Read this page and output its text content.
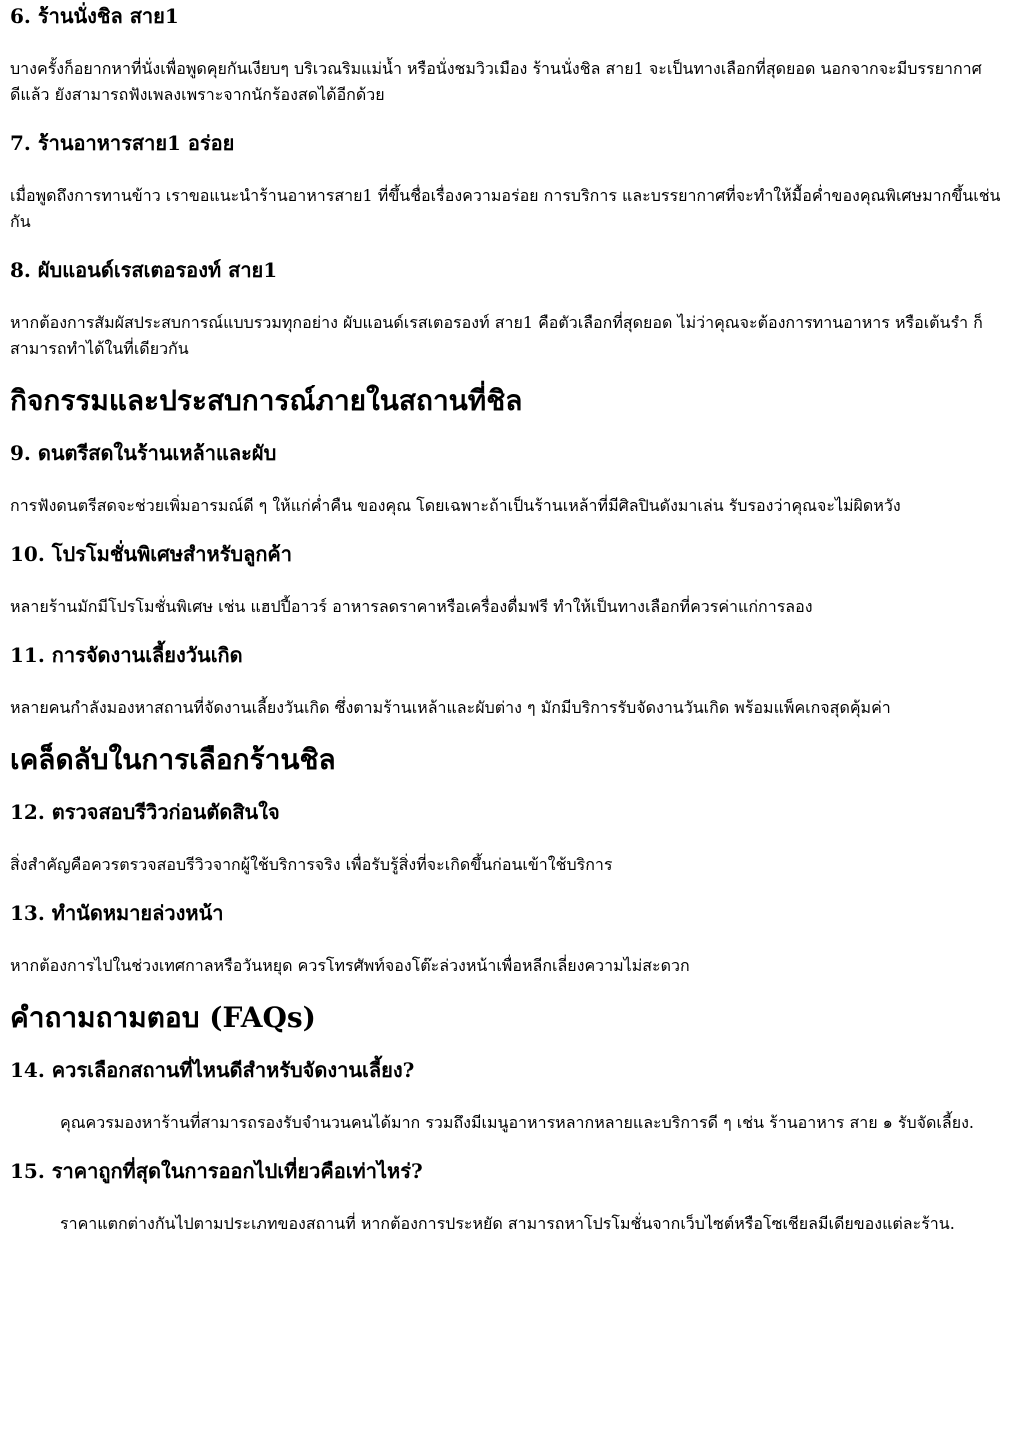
6. ร้านนั่งชิล สาย1

บางครั้งก็อยากหาที่นั่งเพื่อพูดคุยกันเงียบๆ บริเวณริมแม่น้ำ หรือนั่งชมวิวเมือง ร้านนั่งชิล สาย1 จะเป็นทางเลือกที่สุดยอด นอกจากจะมีบรรยากาศดีแล้ว ยังสามารถฟังเพลงเพราะจากนักร้องสดได้อีกด้วย

7. ร้านอาหารสาย1 อร่อย

เมื่อพูดถึงการทานข้าว เราขอแนะนำร้านอาหารสาย1 ที่ขึ้นชื่อเรื่องความอร่อย การบริการ และบรรยากาศที่จะทำให้มื้อค่ำของคุณพิเศษมากขึ้นเช่นกัน

8. ผับแอนด์เรสเตอรองท์ สาย1

หากต้องการสัมผัสประสบการณ์แบบรวมทุกอย่าง ผับแอนด์เรสเตอรองท์ สาย1 คือตัวเลือกที่สุดยอด ไม่ว่าคุณจะต้องการทานอาหาร หรือเต้นรำ ก็สามารถทำได้ในที่เดียวกัน

กิจกรรมและประสบการณ์ภายในสถานที่ชิล
9. ดนตรีสดในร้านเหล้าและผับ

การฟังดนตรีสดจะช่วยเพิ่มอารมณ์ดี ๆ ให้แก่ค่ำคืน ของคุณ โดยเฉพาะถ้าเป็นร้านเหล้าที่มีศิลปินดังมาเล่น รับรองว่าคุณจะไม่ผิดหวัง

10. โปรโมชั่นพิเศษสำหรับลูกค้า

หลายร้านมักมีโปรโมชั่นพิเศษ เช่น แฮปปี้อาวร์ อาหารลดราคาหรือเครื่องดื่มฟรี ทำให้เป็นทางเลือกที่ควรค่าแก่การลอง

11. การจัดงานเลี้ยงวันเกิด

หลายคนกำลังมองหาสถานที่จัดงานเลี้ยงวันเกิด ซึ่งตามร้านเหล้าและผับต่าง ๆ มักมีบริการรับจัดงานวันเกิด พร้อมแพ็คเกจสุดคุ้มค่า

เคล็ดลับในการเลือกร้านชิล
12. ตรวจสอบรีวิวก่อนตัดสินใจ

สิ่งสำคัญคือควรตรวจสอบรีวิวจากผู้ใช้บริการจริง เพื่อรับรู้สิ่งที่จะเกิดขึ้นก่อนเข้าใช้บริการ

13. ทำนัดหมายล่วงหน้า

หากต้องการไปในช่วงเทศกาลหรือวันหยุด ควรโทรศัพท์จองโต๊ะล่วงหน้าเพื่อหลีกเลี่ยงความไม่สะดวก

คำถามถามตอบ (FAQs)
14. ควรเลือกสถานที่ไหนดีสำหรับจัดงานเลี้ยง?

คุณควรมองหาร้านที่สามารถรองรับจำนวนคนได้มาก รวมถึงมีเมนูอาหารหลากหลายและบริการดี ๆ เช่น ร้านอาหาร สาย ๑ รับจัดเลี้ยง.

15. ราคาถูกที่สุดในการออกไปเที่ยวคือเท่าไหร่?

ราคาแตกต่างกันไปตามประเภทของสถานที่ หากต้องการประหยัด สามารถหาโปรโมชั่นจากเว็บไซต์หรือโซเชียลมีเดียของแต่ละร้าน.
